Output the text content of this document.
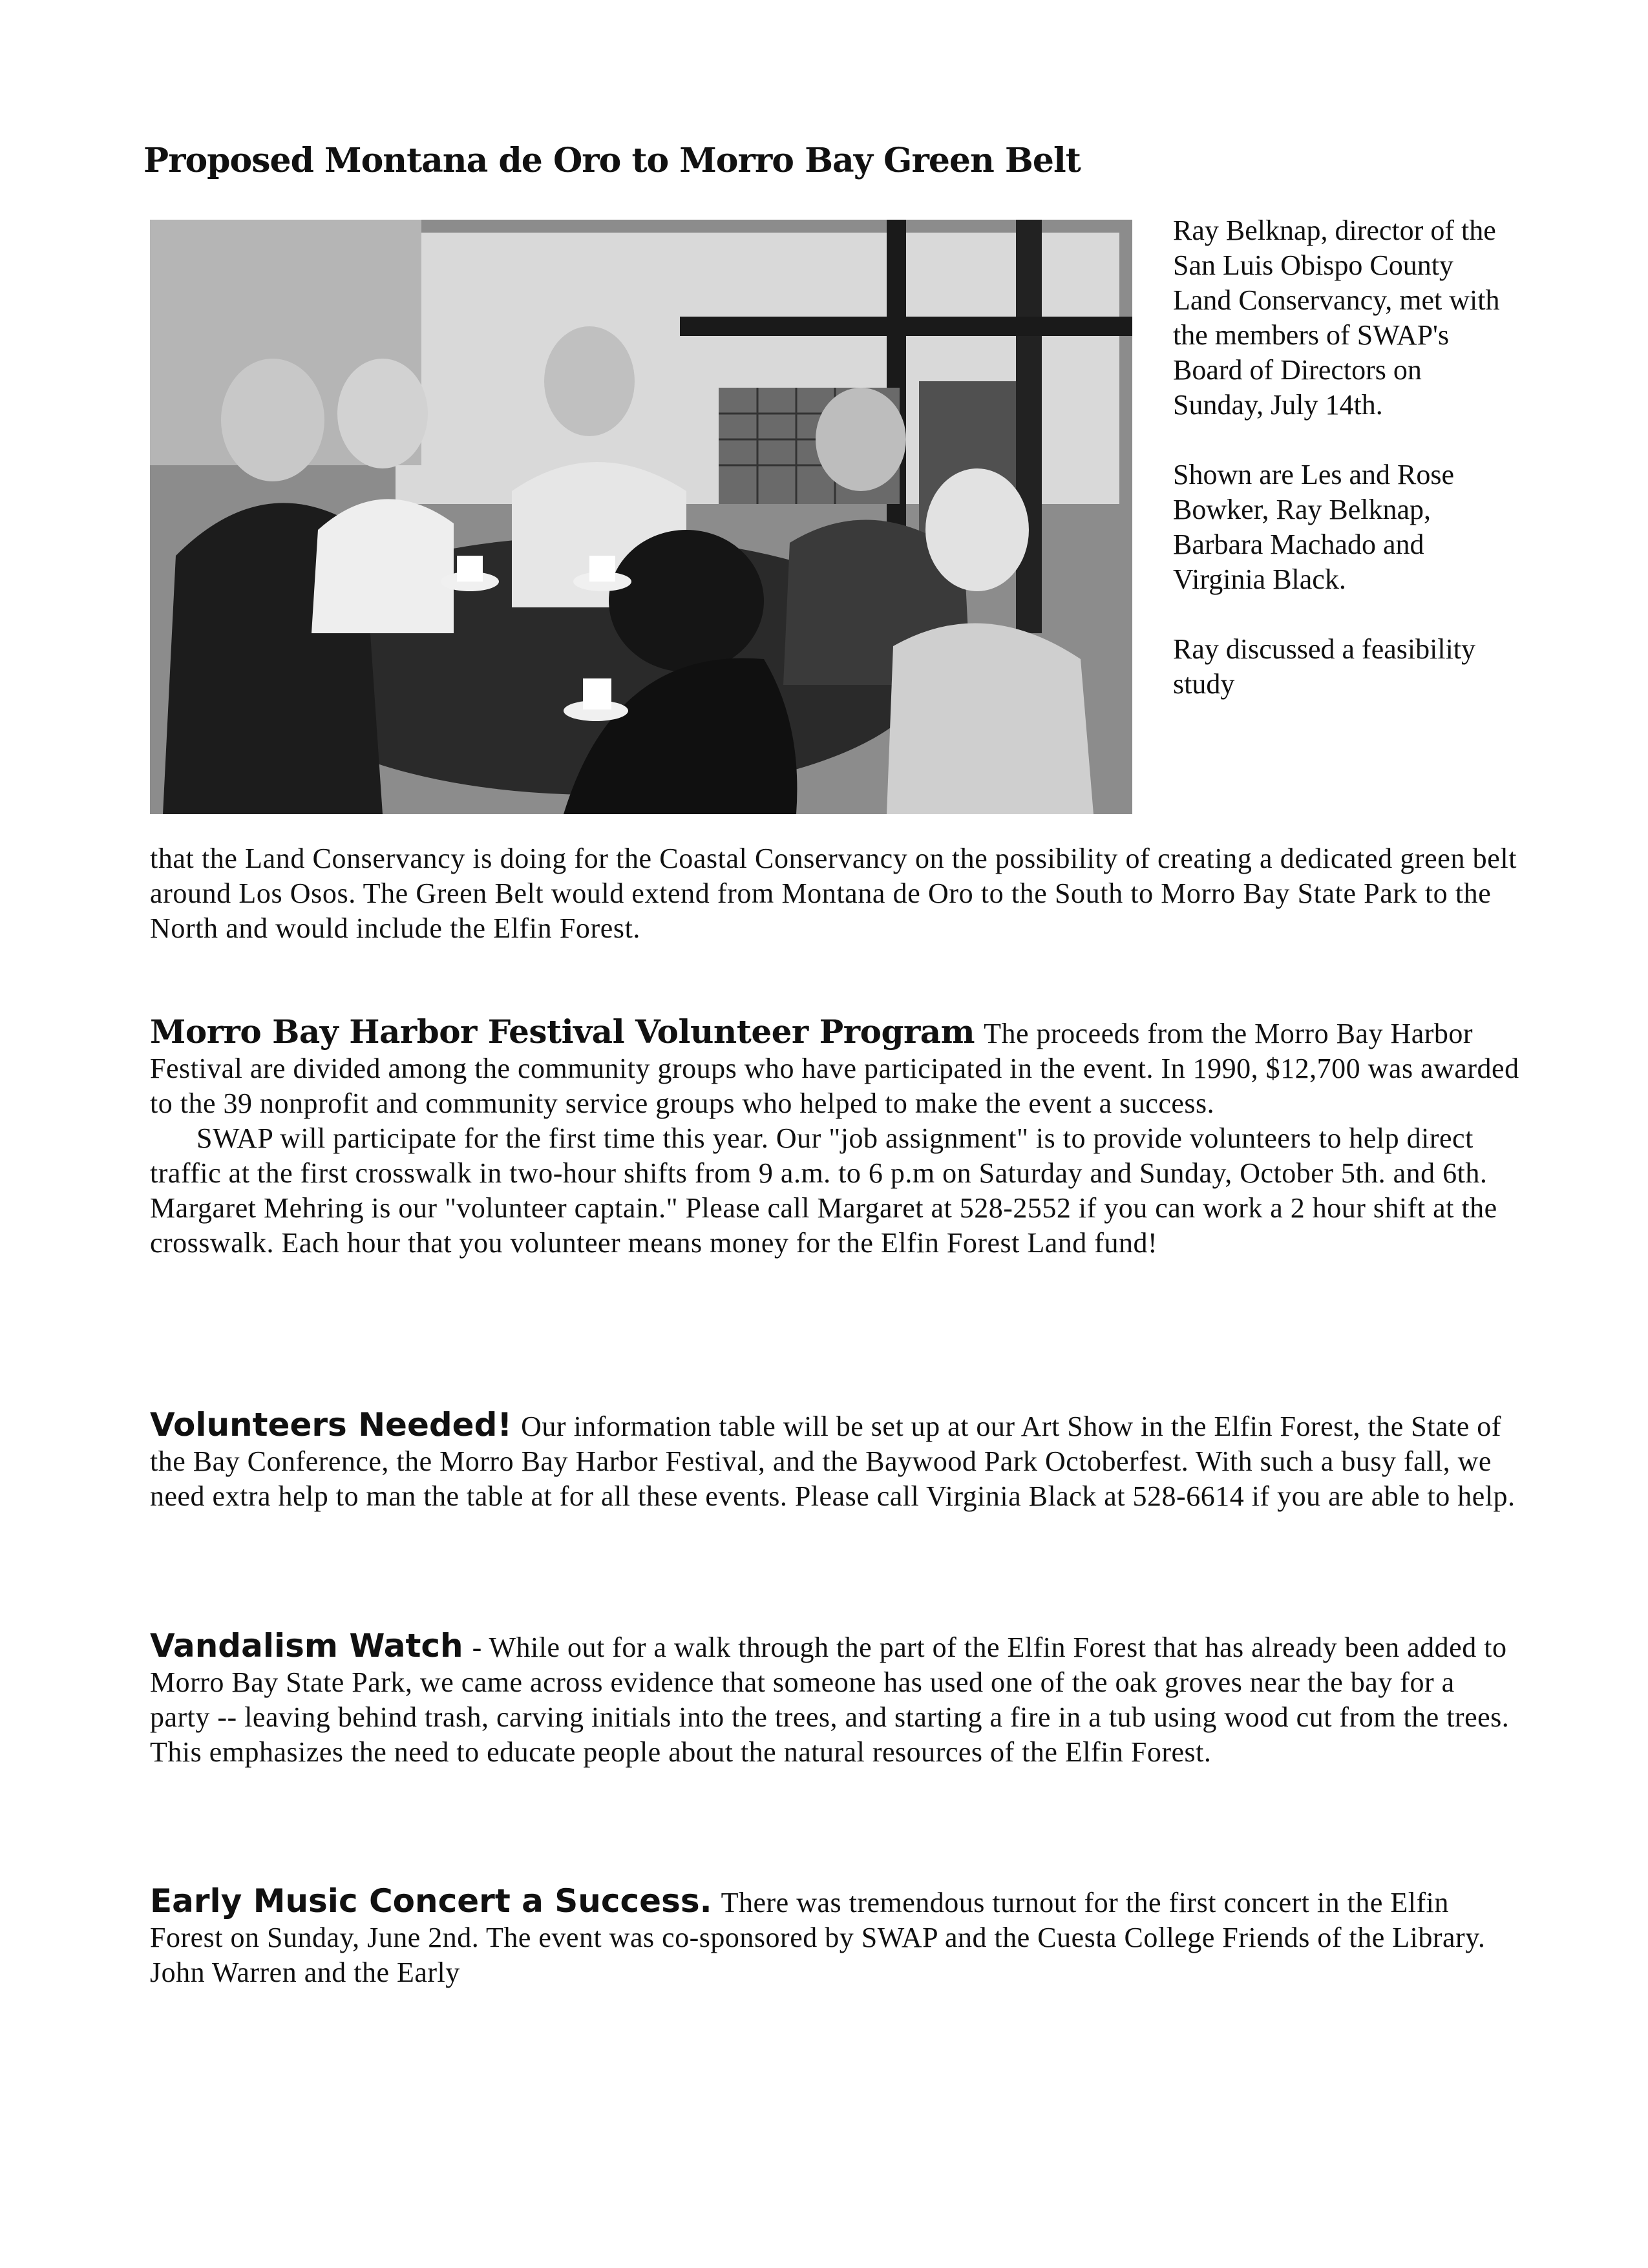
Proposed Montana de Oro to Morro Bay Green Belt

Ray Belknap, director of the San Luis Obispo County Land Conservancy, met with the members of SWAP's Board of Directors on Sunday, July 14th.

Shown are Les and Rose Bowker, Ray Belknap, Barbara Machado and Virginia Black.

Ray discussed a feasibility study

that the Land Conservancy is doing for the Coastal Conservancy on the possibility of creating a dedicated green belt around Los Osos. The Green Belt would extend from Montana de Oro to the South to Morro Bay State Park to the North and would include the Elfin Forest.

Morro Bay Harbor Festival Volunteer Program The proceeds from the Morro Bay Harbor Festival are divided among the community groups who have participated in the event. In 1990, $12,700 was awarded to the 39 nonprofit and community service groups who helped to make the event a success.

SWAP will participate for the first time this year. Our "job assignment" is to provide volunteers to help direct traffic at the first crosswalk in two-hour shifts from 9 a.m. to 6 p.m on Saturday and Sunday, October 5th. and 6th. Margaret Mehring is our "volunteer captain." Please call Margaret at 528-2552 if you can work a 2 hour shift at the crosswalk. Each hour that you volunteer means money for the Elfin Forest Land fund!

Volunteers Needed! Our information table will be set up at our Art Show in the Elfin Forest, the State of the Bay Conference, the Morro Bay Harbor Festival, and the Baywood Park Octoberfest. With such a busy fall, we need extra help to man the table at for all these events. Please call Virginia Black at 528-6614 if you are able to help.

Vandalism Watch - While out for a walk through the part of the Elfin Forest that has already been added to Morro Bay State Park, we came across evidence that someone has used one of the oak groves near the bay for a party -- leaving behind trash, carving initials into the trees, and starting a fire in a tub using wood cut from the trees. This emphasizes the need to educate people about the natural resources of the Elfin Forest.

Early Music Concert a Success. There was tremendous turnout for the first concert in the Elfin Forest on Sunday, June 2nd. The event was co-sponsored by SWAP and the Cuesta College Friends of the Library. John Warren and the Early
